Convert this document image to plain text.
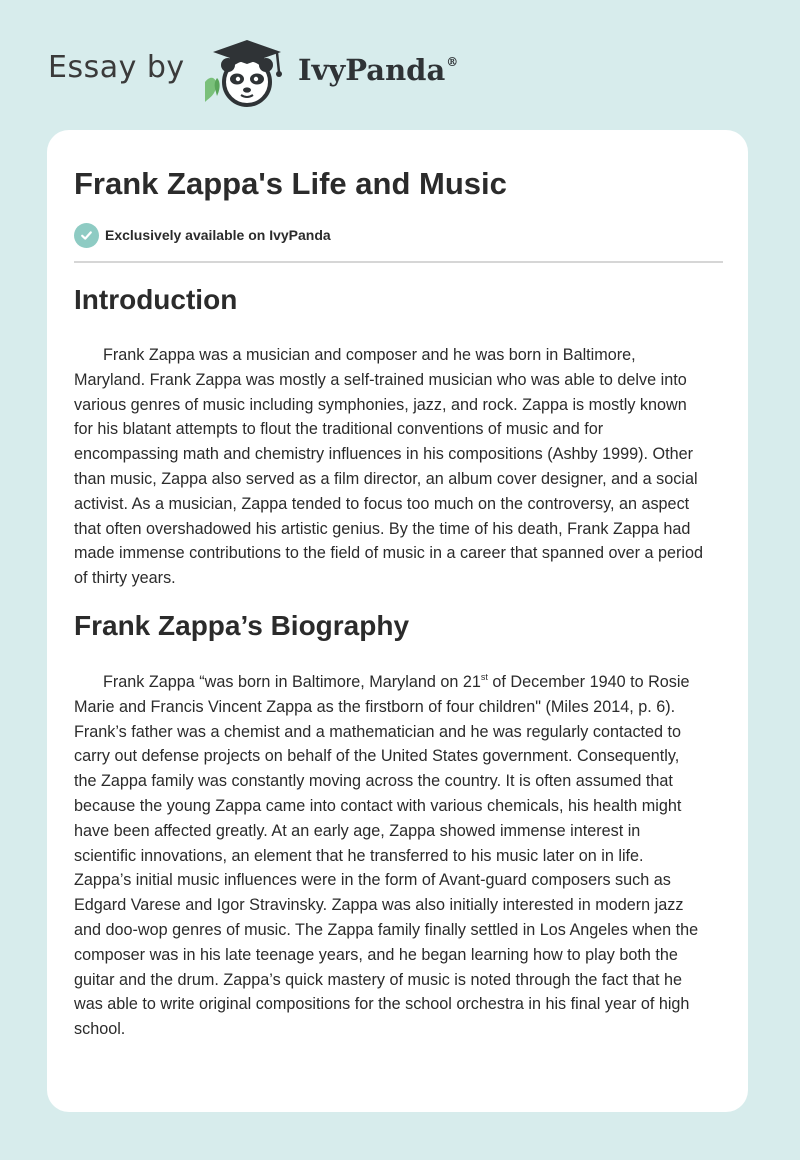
Essay by	IvyPanda®
Frank Zappa's Life and Music
Exclusively available on IvyPanda
Introduction

Frank Zappa was a musician and composer and he was born in Baltimore,
Maryland. Frank Zappa was mostly a self-trained musician who was able to delve into
various genres of music including symphonies, jazz, and rock. Zappa is mostly known
for his blatant attempts to flout the traditional conventions of music and for
encompassing math and chemistry influences in his compositions (Ashby 1999). Other
than music, Zappa also served as a film director, an album cover designer, and a social
activist. As a musician, Zappa tended to focus too much on the controversy, an aspect
that often overshadowed his artistic genius. By the time of his death, Frank Zappa had
made immense contributions to the field of music in a career that spanned over a period
of thirty years.

Frank Zappa’s Biography

Frank Zappa “was born in Baltimore, Maryland on 21st of December 1940 to Rosie
Marie and Francis Vincent Zappa as the firstborn of four children" (Miles 2014, p. 6).
Frank’s father was a chemist and a mathematician and he was regularly contacted to
carry out defense projects on behalf of the United States government. Consequently,
the Zappa family was constantly moving across the country. It is often assumed that
because the young Zappa came into contact with various chemicals, his health might
have been affected greatly. At an early age, Zappa showed immense interest in
scientific innovations, an element that he transferred to his music later on in life.
Zappa’s initial music influences were in the form of Avant-guard composers such as
Edgard Varese and Igor Stravinsky. Zappa was also initially interested in modern jazz
and doo-wop genres of music. The Zappa family finally settled in Los Angeles when the
composer was in his late teenage years, and he began learning how to play both the
guitar and the drum. Zappa’s quick mastery of music is noted through the fact that he
was able to write original compositions for the school orchestra in his final year of high
school.
